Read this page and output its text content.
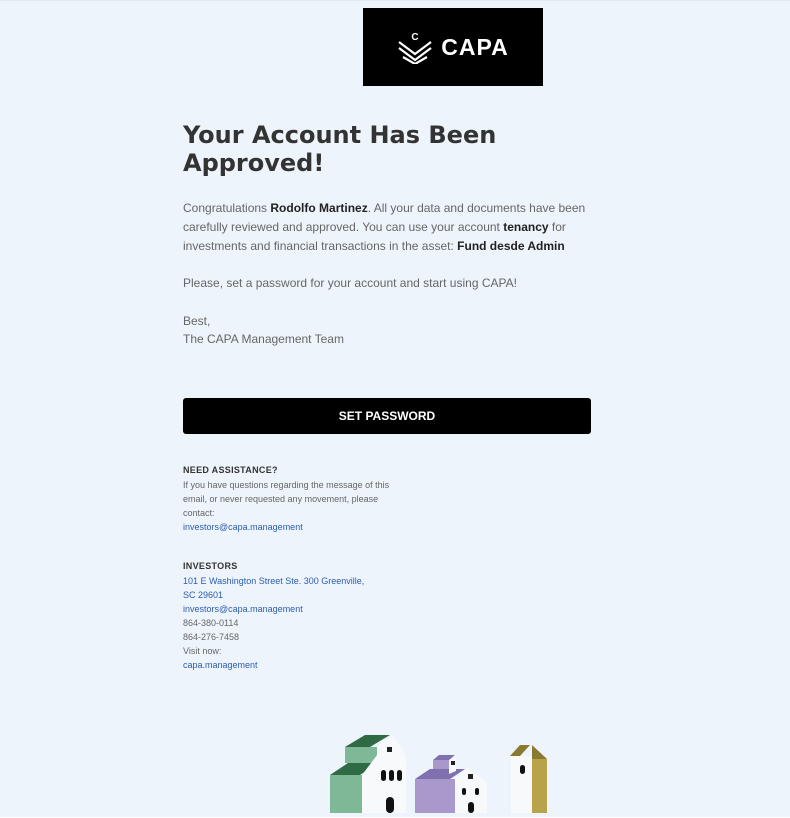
C CAPA
Your Account Has Been Approved!

Congratulations Rodolfo Martinez. All your data and documents have been carefully reviewed and approved. You can use your account tenancy for investments and financial transactions in the asset: Fund desde Admin

Please, set a password for your account and start using CAPA!

Best,
The CAPA Management Team

SET PASSWORD
NEED ASSISTANCE?
If you have questions regarding the message of this email, or never requested any movement, please contact:
investors@capa.management
INVESTORS
101 E Washington Street Ste. 300 Greenville,
SC 29601
investors@capa.management
864-380-0114
864-276-7458
Visit now:
capa.management
